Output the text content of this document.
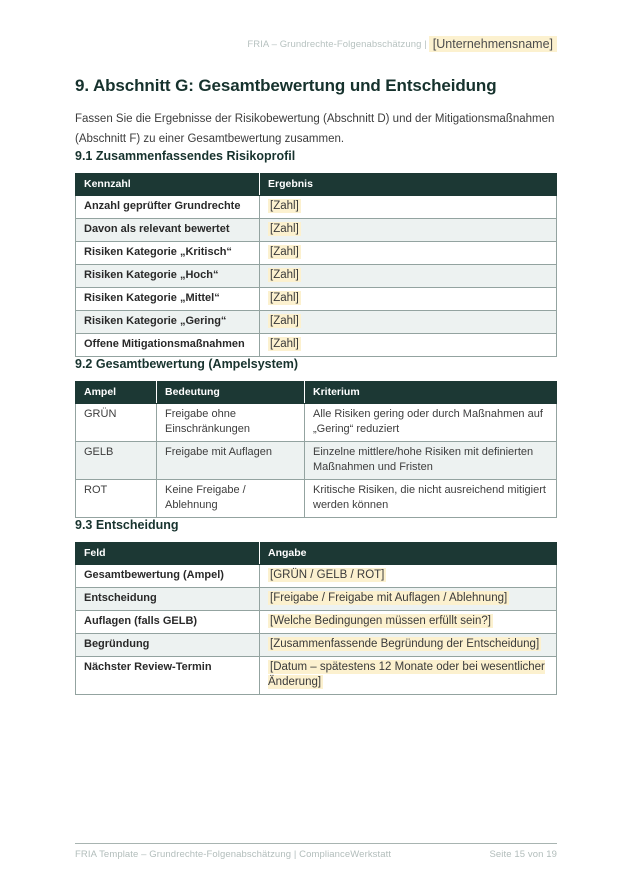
FRIA – Grundrechte-Folgenabschätzung | [Unternehmensname]
9. Abschnitt G: Gesamtbewertung und Entscheidung
Fassen Sie die Ergebnisse der Risikobewertung (Abschnitt D) und der Mitigationsmaßnahmen
(Abschnitt F) zu einer Gesamtbewertung zusammen.
9.1 Zusammenfassendes Risikoprofil
Kennzahl	Ergebnis
Anzahl geprüfter Grundrechte	[Zahl]
Davon als relevant bewertet	[Zahl]
Risiken Kategorie „Kritisch“	[Zahl]
Risiken Kategorie „Hoch“	[Zahl]
Risiken Kategorie „Mittel“	[Zahl]
Risiken Kategorie „Gering“	[Zahl]
Offene Mitigationsmaßnahmen	[Zahl]
9.2 Gesamtbewertung (Ampelsystem)
Ampel	Bedeutung	Kriterium
GRÜN	Freigabe ohne Einschränkungen	Alle Risiken gering oder durch Maßnahmen auf „Gering“ reduziert
GELB	Freigabe mit Auflagen	Einzelne mittlere/hohe Risiken mit definierten Maßnahmen und Fristen
ROT	Keine Freigabe / Ablehnung	Kritische Risiken, die nicht ausreichend mitigiert werden können
9.3 Entscheidung
Feld	Angabe
Gesamtbewertung (Ampel)	[GRÜN / GELB / ROT]
Entscheidung	[Freigabe / Freigabe mit Auflagen / Ablehnung]
Auflagen (falls GELB)	[Welche Bedingungen müssen erfüllt sein?]
Begründung	[Zusammenfassende Begründung der Entscheidung]
Nächster Review-Termin	[Datum – spätestens 12 Monate oder bei wesentlicher Änderung]
FRIA Template – Grundrechte-Folgenabschätzung | ComplianceWerkstatt	Seite 15 von 19
